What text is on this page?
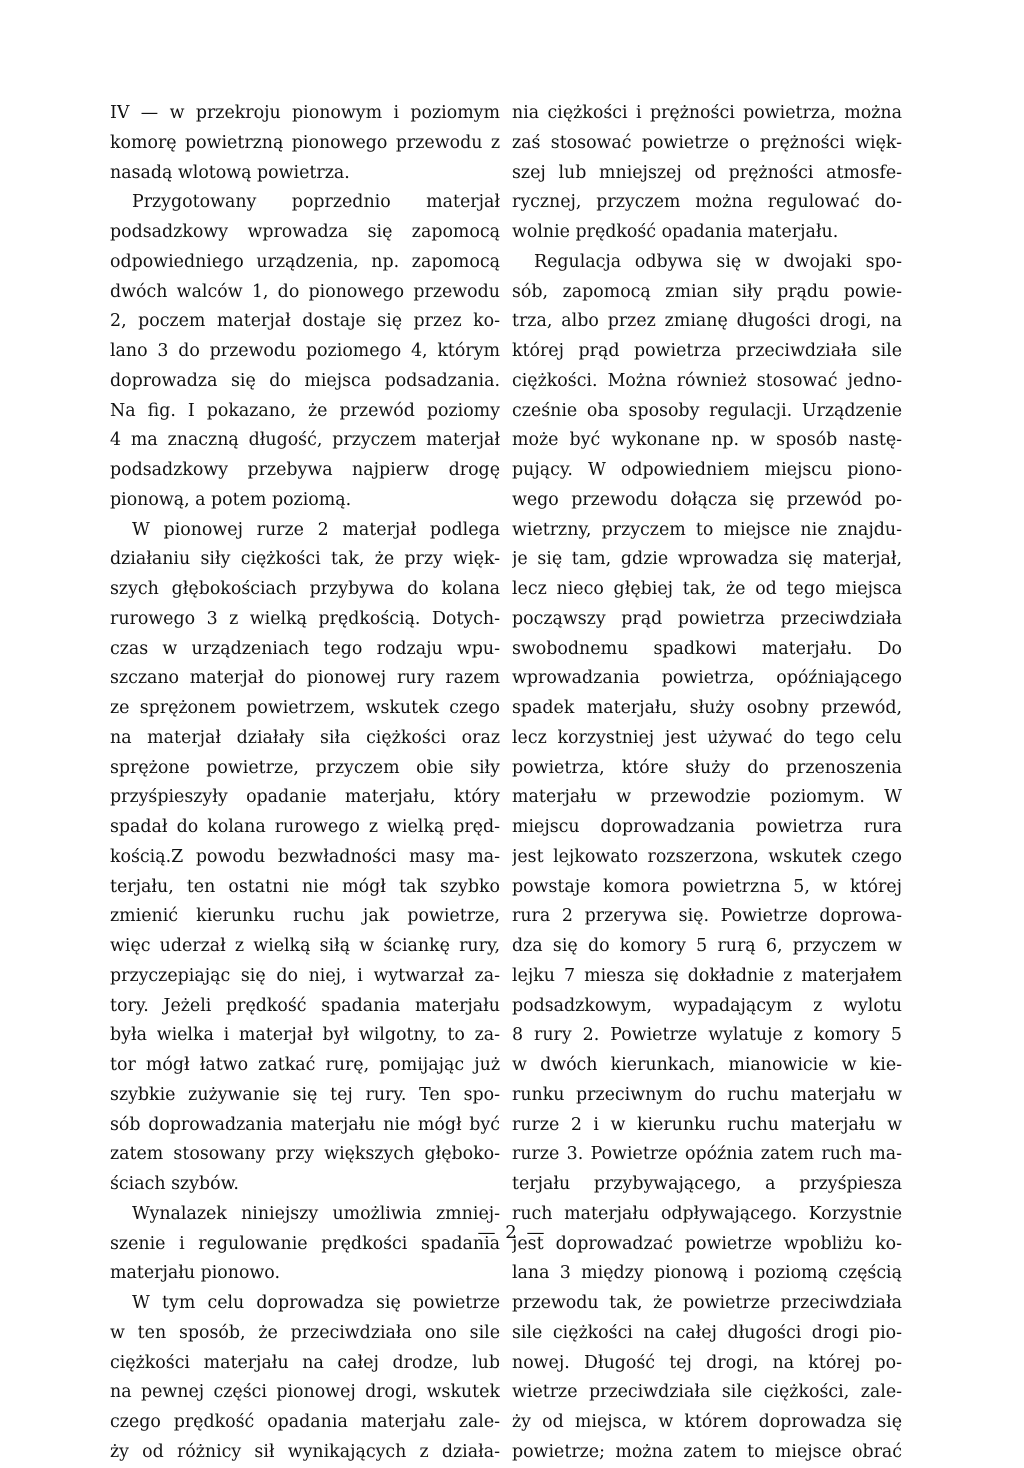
IV — w przekroju pionowym i poziomym
komorę powietrzną pionowego przewodu z
nasadą wlotową powietrza.
Przygotowany poprzednio materjał
podsadzkowy wprowadza się zapomocą
odpowiedniego urządzenia, np. zapomocą
dwóch walców 1, do pionowego przewodu
2, poczem materjał dostaje się przez ko-
lano 3 do przewodu poziomego 4, którym
doprowadza się do miejsca podsadzania.
Na fig. I pokazano, że przewód poziomy
4 ma znaczną długość, przyczem materjał
podsadzkowy przebywa najpierw drogę
pionową, a potem poziomą.
W pionowej rurze 2 materjał podlega
działaniu siły ciężkości tak, że przy więk-
szych głębokościach przybywa do kolana
rurowego 3 z wielką prędkością. Dotych-
czas w urządzeniach tego rodzaju wpu-
szczano materjał do pionowej rury razem
ze sprężonem powietrzem, wskutek czego
na materjał działały siła ciężkości oraz
sprężone powietrze, przyczem obie siły
przyśpieszyły opadanie materjału, który
spadał do kolana rurowego z wielką pręd-
kością.Z powodu bezwładności masy ma-
terjału, ten ostatni nie mógł tak szybko
zmienić kierunku ruchu jak powietrze,
więc uderzał z wielką siłą w ściankę rury,
przyczepiając się do niej, i wytwarzał za-
tory. Jeżeli prędkość spadania materjału
była wielka i materjał był wilgotny, to za-
tor mógł łatwo zatkać rurę, pomijając już
szybkie zużywanie się tej rury. Ten spo-
sób doprowadzania materjału nie mógł być
zatem stosowany przy większych głęboko-
ściach szybów.
Wynalazek niniejszy umożliwia zmniej-
szenie i regulowanie prędkości spadania
materjału pionowo.
W tym celu doprowadza się powietrze
w ten sposób, że przeciwdziała ono sile
ciężkości materjału na całej drodze, lub
na pewnej części pionowej drogi, wskutek
czego prędkość opadania materjału zale-
ży od różnicy sił wynikających z działa-
nia ciężkości i prężności powietrza, można
zaś stosować powietrze o prężności więk-
szej lub mniejszej od prężności atmosfe-
rycznej, przyczem można regulować do-
wolnie prędkość opadania materjału.
Regulacja odbywa się w dwojaki spo-
sób, zapomocą zmian siły prądu powie-
trza, albo przez zmianę długości drogi, na
której prąd powietrza przeciwdziała sile
ciężkości. Można również stosować jedno-
cześnie oba sposoby regulacji. Urządzenie
może być wykonane np. w sposób nastę-
pujący. W odpowiedniem miejscu piono-
wego przewodu dołącza się przewód po-
wietrzny, przyczem to miejsce nie znajdu-
je się tam, gdzie wprowadza się materjał,
lecz nieco głębiej tak, że od tego miejsca
począwszy prąd powietrza przeciwdziała
swobodnemu spadkowi materjału. Do
wprowadzania powietrza, opóźniającego
spadek materjału, służy osobny przewód,
lecz korzystniej jest używać do tego celu
powietrza, które służy do przenoszenia
materjału w przewodzie poziomym. W
miejscu doprowadzania powietrza rura
jest lejkowato rozszerzona, wskutek czego
powstaje komora powietrzna 5, w której
rura 2 przerywa się. Powietrze doprowa-
dza się do komory 5 rurą 6, przyczem w
lejku 7 miesza się dokładnie z materjałem
podsadzkowym, wypadającym z wylotu
8 rury 2. Powietrze wylatuje z komory 5
w dwóch kierunkach, mianowicie w kie-
runku przeciwnym do ruchu materjału w
rurze 2 i w kierunku ruchu materjału w
rurze 3. Powietrze opóźnia zatem ruch ma-
terjału przybywającego, a przyśpiesza
ruch materjału odpływającego. Korzystnie
jest doprowadzać powietrze wpobliżu ko-
lana 3 między pionową i poziomą częścią
przewodu tak, że powietrze przeciwdziała
sile ciężkości na całej długości drogi pio-
nowej. Długość tej drogi, na której po-
wietrze przeciwdziała sile ciężkości, zale-
ży od miejsca, w którem doprowadza się
powietrze; można zatem to miejsce obrać
— 2 —
